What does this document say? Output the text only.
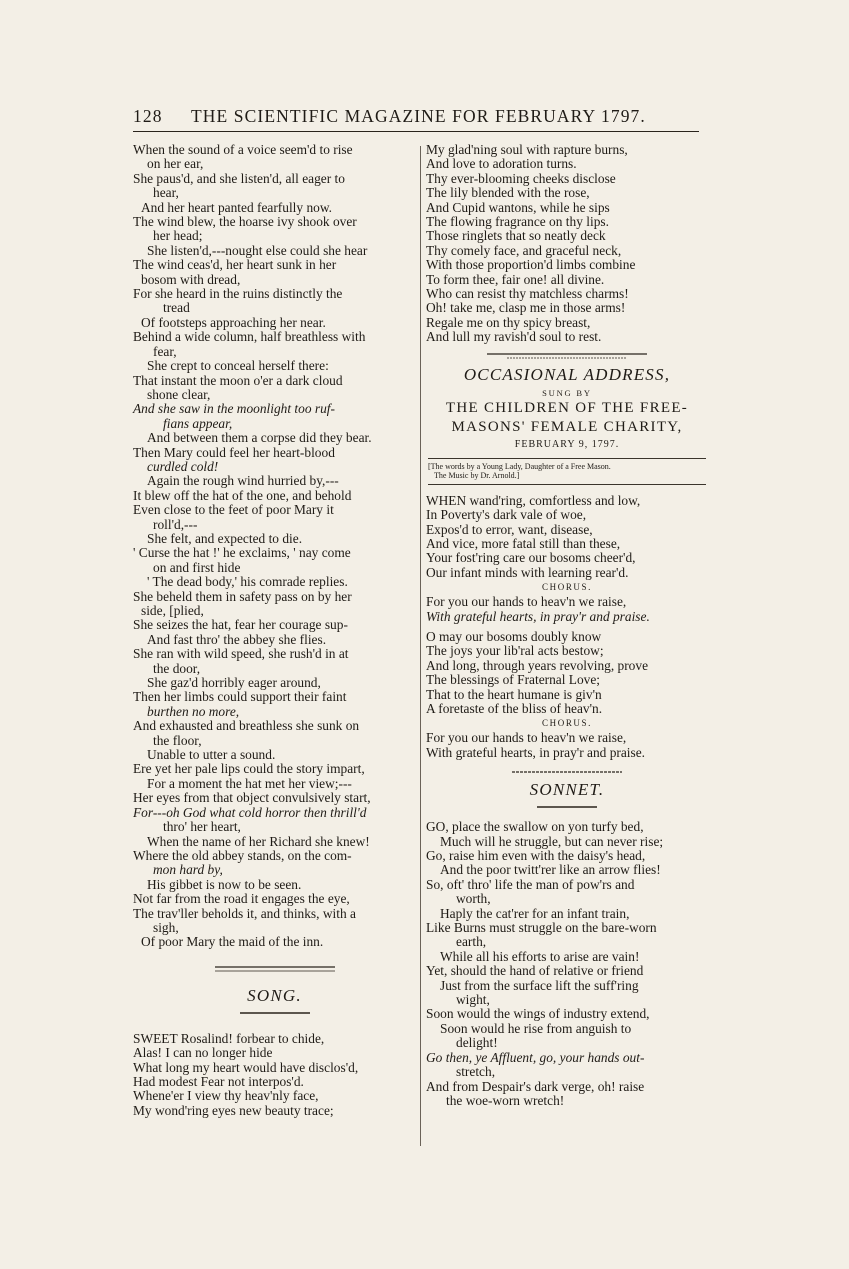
128	THE SCIENTIFIC MAGAZINE FOR FEBRUARY 1797.
When the sound of a voice seem'd to rise
on her ear,
She paus'd, and she listen'd, all eager to
hear,
And her heart panted fearfully now.
The wind blew, the hoarse ivy shook over
her head;
She listen'd,---nought else could she hear
The wind ceas'd, her heart sunk in her
bosom with dread,
For she heard in the ruins distinctly the
tread
Of footsteps approaching her near.
Behind a wide column, half breathless with
fear,
She crept to conceal herself there:
That instant the moon o'er a dark cloud
shone clear,
And she saw in the moonlight too ruf-
fians appear,
And between them a corpse did they bear.
Then Mary could feel her heart-blood
curdled cold!
Again the rough wind hurried by,---
It blew off the hat of the one, and behold
Even close to the feet of poor Mary it
roll'd,---
She felt, and expected to die.
' Curse the hat !' he exclaims, ' nay come
on and first hide
' The dead body,' his comrade replies.
She beheld them in safety pass on by her
side, [plied,
She seizes the hat, fear her courage sup-
And fast thro' the abbey she flies.
She ran with wild speed, she rush'd in at
the door,
She gaz'd horribly eager around,
Then her limbs could support their faint
burthen no more,
And exhausted and breathless she sunk on
the floor,
Unable to utter a sound.
Ere yet her pale lips could the story impart,
For a moment the hat met her view;---
Her eyes from that object convulsively start,
For---oh God what cold horror then thrill'd
thro' her heart,
When the name of her Richard she knew!
Where the old abbey stands, on the com-
mon hard by,
His gibbet is now to be seen.
Not far from the road it engages the eye,
The trav'ller beholds it, and thinks, with a
sigh,
Of poor Mary the maid of the inn.
SONG.
SWEET Rosalind! forbear to chide,
Alas! I can no longer hide
What long my heart would have disclos'd,
Had modest Fear not interpos'd.
Whene'er I view thy heav'nly face,
My wond'ring eyes new beauty trace;
My glad'ning soul with rapture burns,
And love to adoration turns.
Thy ever-blooming cheeks disclose
The lily blended with the rose,
And Cupid wantons, while he sips
The flowing fragrance on thy lips.
Those ringlets that so neatly deck
Thy comely face, and graceful neck,
With those proportion'd limbs combine
To form thee, fair one! all divine.
Who can resist thy matchless charms!
Oh! take me, clasp me in those arms!
Regale me on thy spicy breast,
And lull my ravish'd soul to rest.
OCCASIONAL ADDRESS,
SUNG BY
THE CHILDREN OF THE FREE-
MASONS' FEMALE CHARITY,
FEBRUARY 9, 1797.
[The words by a Young Lady, Daughter of a Free Mason.
The Music by Dr. Arnold.]
WHEN wand'ring, comfortless and low,
In Poverty's dark vale of woe,
Expos'd to error, want, disease,
And vice, more fatal still than these,
Your fost'ring care our bosoms cheer'd,
Our infant minds with learning rear'd.
CHORUS.
For you our hands to heav'n we raise,
With grateful hearts, in pray'r and praise.
O may our bosoms doubly know
The joys your lib'ral acts bestow;
And long, through years revolving, prove
The blessings of Fraternal Love;
That to the heart humane is giv'n
A foretaste of the bliss of heav'n.
CHORUS.
For you our hands to heav'n we raise,
With grateful hearts, in pray'r and praise.
SONNET.
GO, place the swallow on yon turfy bed,
Much will he struggle, but can never rise;
Go, raise him even with the daisy's head,
And the poor twitt'rer like an arrow flies!
So, oft' thro' life the man of pow'rs and
worth,
Haply the cat'rer for an infant train,
Like Burns must struggle on the bare-worn
earth,
While all his efforts to arise are vain!
Yet, should the hand of relative or friend
Just from the surface lift the suff'ring
wight,
Soon would the wings of industry extend,
Soon would he rise from anguish to
delight!
Go then, ye Affluent, go, your hands out-
stretch,
And from Despair's dark verge, oh! raise
the woe-worn wretch!
